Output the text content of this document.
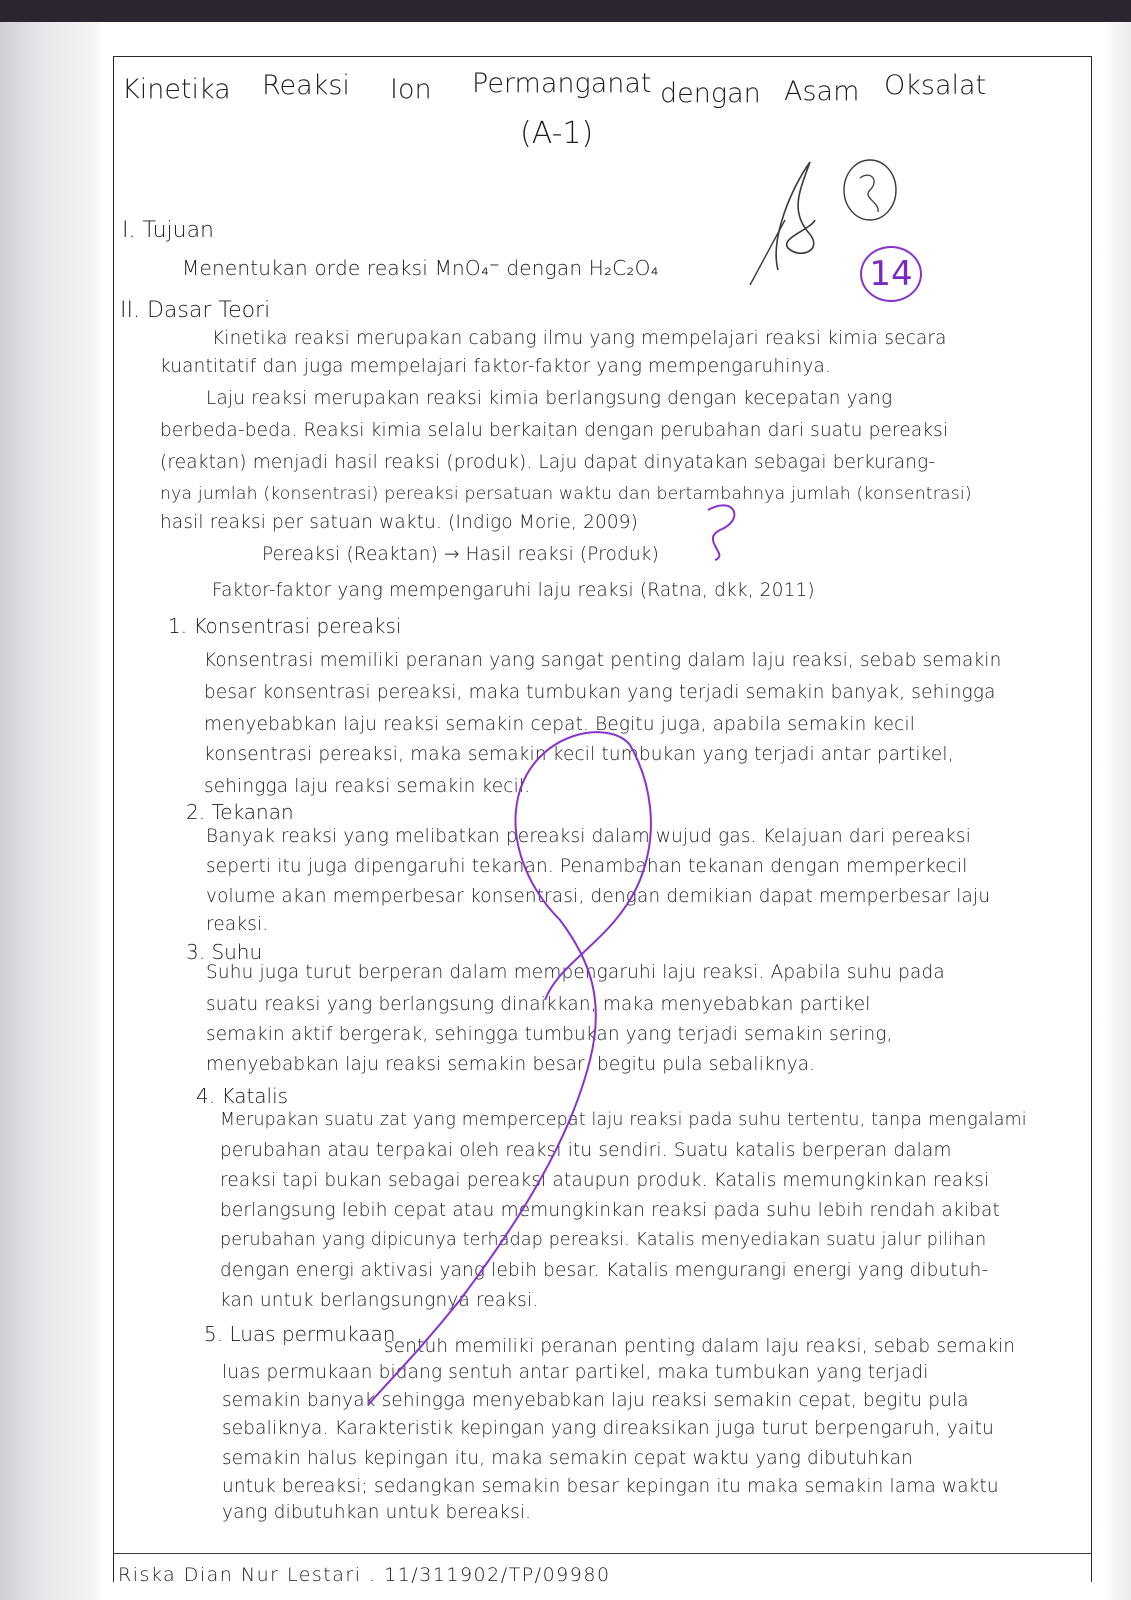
Kinetika Reaksi Ion Permanganat dengan Asam Oksalat
(A-1)
14
I. Tujuan
Menentukan orde reaksi MnO₄⁻ dengan H₂C₂O₄
II. Dasar Teori
Kinetika reaksi merupakan cabang ilmu yang mempelajari reaksi kimia secara
kuantitatif dan juga mempelajari faktor-faktor yang mempengaruhinya.
Laju reaksi merupakan reaksi kimia berlangsung dengan kecepatan yang
berbeda-beda. Reaksi kimia selalu berkaitan dengan perubahan dari suatu pereaksi
(reaktan) menjadi hasil reaksi (produk). Laju dapat dinyatakan sebagai berkurang-
nya jumlah (konsentrasi) pereaksi persatuan waktu dan bertambahnya jumlah (konsentrasi)
hasil reaksi per satuan waktu. (Indigo Morie, 2009)
Pereaksi (Reaktan) → Hasil reaksi (Produk)
Faktor-faktor yang mempengaruhi laju reaksi (Ratna, dkk, 2011)
1. Konsentrasi pereaksi
Konsentrasi memiliki peranan yang sangat penting dalam laju reaksi, sebab semakin
besar konsentrasi pereaksi, maka tumbukan yang terjadi semakin banyak, sehingga
menyebabkan laju reaksi semakin cepat. Begitu juga, apabila semakin kecil
konsentrasi pereaksi, maka semakin kecil tumbukan yang terjadi antar partikel,
sehingga laju reaksi semakin kecil.
2. Tekanan
Banyak reaksi yang melibatkan pereaksi dalam wujud gas. Kelajuan dari pereaksi
seperti itu juga dipengaruhi tekanan. Penambahan tekanan dengan memperkecil
volume akan memperbesar konsentrasi, dengan demikian dapat memperbesar laju
reaksi.
3. Suhu
Suhu juga turut berperan dalam mempengaruhi laju reaksi. Apabila suhu pada
suatu reaksi yang berlangsung dinaikkan, maka menyebabkan partikel
semakin aktif bergerak, sehingga tumbukan yang terjadi semakin sering,
menyebabkan laju reaksi semakin besar, begitu pula sebaliknya.
4. Katalis
Merupakan suatu zat yang mempercepat laju reaksi pada suhu tertentu, tanpa mengalami
perubahan atau terpakai oleh reaksi itu sendiri. Suatu katalis berperan dalam
reaksi tapi bukan sebagai pereaksi ataupun produk. Katalis memungkinkan reaksi
berlangsung lebih cepat atau memungkinkan reaksi pada suhu lebih rendah akibat
perubahan yang dipicunya terhadap pereaksi. Katalis menyediakan suatu jalur pilihan
dengan energi aktivasi yang lebih besar. Katalis mengurangi energi yang dibutuh-
kan untuk berlangsungnya reaksi.
5. Luas permukaan
sentuh memiliki peranan penting dalam laju reaksi, sebab semakin
luas permukaan bidang sentuh antar partikel, maka tumbukan yang terjadi
semakin banyak sehingga menyebabkan laju reaksi semakin cepat, begitu pula
sebaliknya. Karakteristik kepingan yang direaksikan juga turut berpengaruh, yaitu
semakin halus kepingan itu, maka semakin cepat waktu yang dibutuhkan
untuk bereaksi; sedangkan semakin besar kepingan itu maka semakin lama waktu
yang dibutuhkan untuk bereaksi.
Riska Dian Nur Lestari . 11/311902/TP/09980
